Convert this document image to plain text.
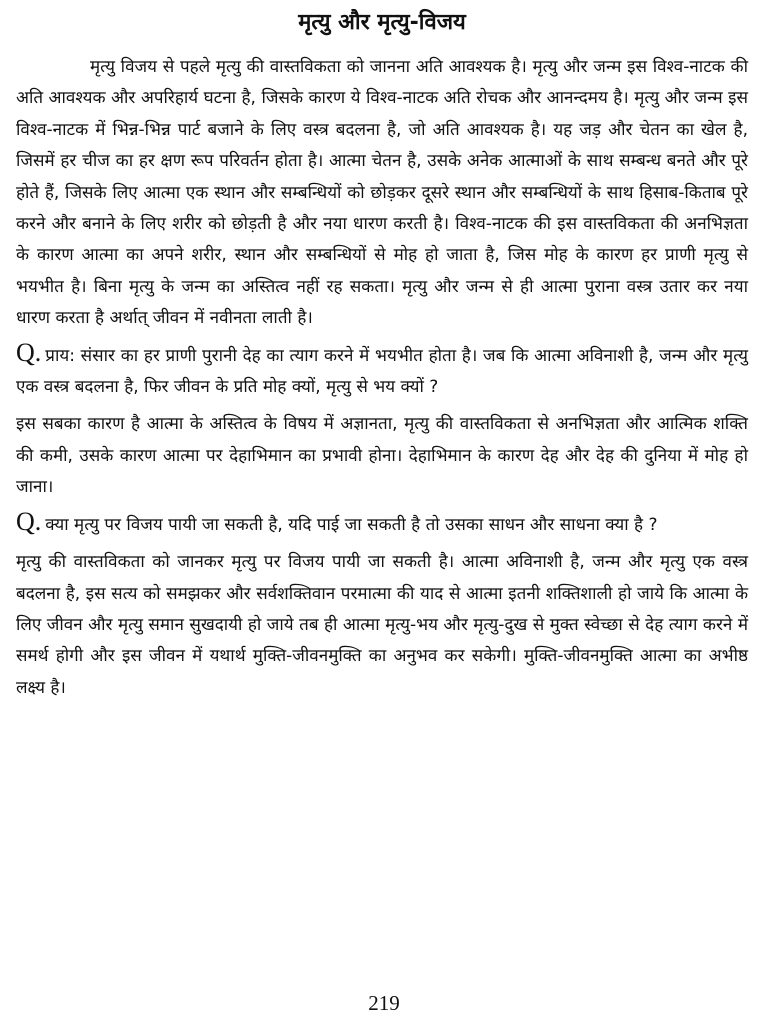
मृत्यु और मृत्यु-विजय

मृत्यु विजय से पहले मृत्यु की वास्तविकता को जानना अति आवश्यक है। मृत्यु और जन्म इस विश्व-नाटक की अति आवश्यक और अपरिहार्य घटना है, जिसके कारण ये विश्व-नाटक अति रोचक और आनन्दमय है। मृत्यु और जन्म इस विश्व-नाटक में भिन्न-भिन्न पार्ट बजाने के लिए वस्त्र बदलना है, जो अति आवश्यक है। यह जड़ और चेतन का खेल है, जिसमें हर चीज का हर क्षण रूप परिवर्तन होता है। आत्मा चेतन है, उसके अनेक आत्माओं के साथ सम्बन्ध बनते और पूरे होते हैं, जिसके लिए आत्मा एक स्थान और सम्बन्धियों को छोड़कर दूसरे स्थान और सम्बन्धियों के साथ हिसाब-किताब पूरे करने और बनाने के लिए शरीर को छोड़ती है और नया धारण करती है। विश्व-नाटक की इस वास्तविकता की अनभिज्ञता के कारण आत्मा का अपने शरीर, स्थान और सम्बन्धियों से मोह हो जाता है, जिस मोह के कारण हर प्राणी मृत्यु से भयभीत है। बिना मृत्यु के जन्म का अस्तित्व नहीं रह सकता। मृत्यु और जन्म से ही आत्मा पुराना वस्त्र उतार कर नया धारण करता है अर्थात् जीवन में नवीनता लाती है।

Q. प्राय: संसार का हर प्राणी पुरानी देह का त्याग करने में भयभीत होता है। जब कि आत्मा अविनाशी है, जन्म और मृत्यु एक वस्त्र बदलना है, फिर जीवन के प्रति मोह क्यों, मृत्यु से भय क्यों ?

इस सबका कारण है आत्मा के अस्तित्व के विषय में अज्ञानता, मृत्यु की वास्तविकता से अनभिज्ञता और आत्मिक शक्ति की कमी, उसके कारण आत्मा पर देहाभिमान का प्रभावी होना। देहाभिमान के कारण देह और देह की दुनिया में मोह हो जाना।

Q. क्या मृत्यु पर विजय पायी जा सकती है, यदि पाई जा सकती है तो उसका साधन और साधना क्या है ?

मृत्यु की वास्तविकता को जानकर मृत्यु पर विजय पायी जा सकती है। आत्मा अविनाशी है, जन्म और मृत्यु एक वस्त्र बदलना है, इस सत्य को समझकर और सर्वशक्तिवान परमात्मा की याद से आत्मा इतनी शक्तिशाली हो जाये कि आत्मा के लिए जीवन और मृत्यु समान सुखदायी हो जाये तब ही आत्मा मृत्यु-भय और मृत्यु-दुख से मुक्त स्वेच्छा से देह त्याग करने में समर्थ होगी और इस जीवन में यथार्थ मुक्ति-जीवनमुक्ति का अनुभव कर सकेगी। मुक्ति-जीवनमुक्ति आत्मा का अभीष्ठ लक्ष्य है।

219
